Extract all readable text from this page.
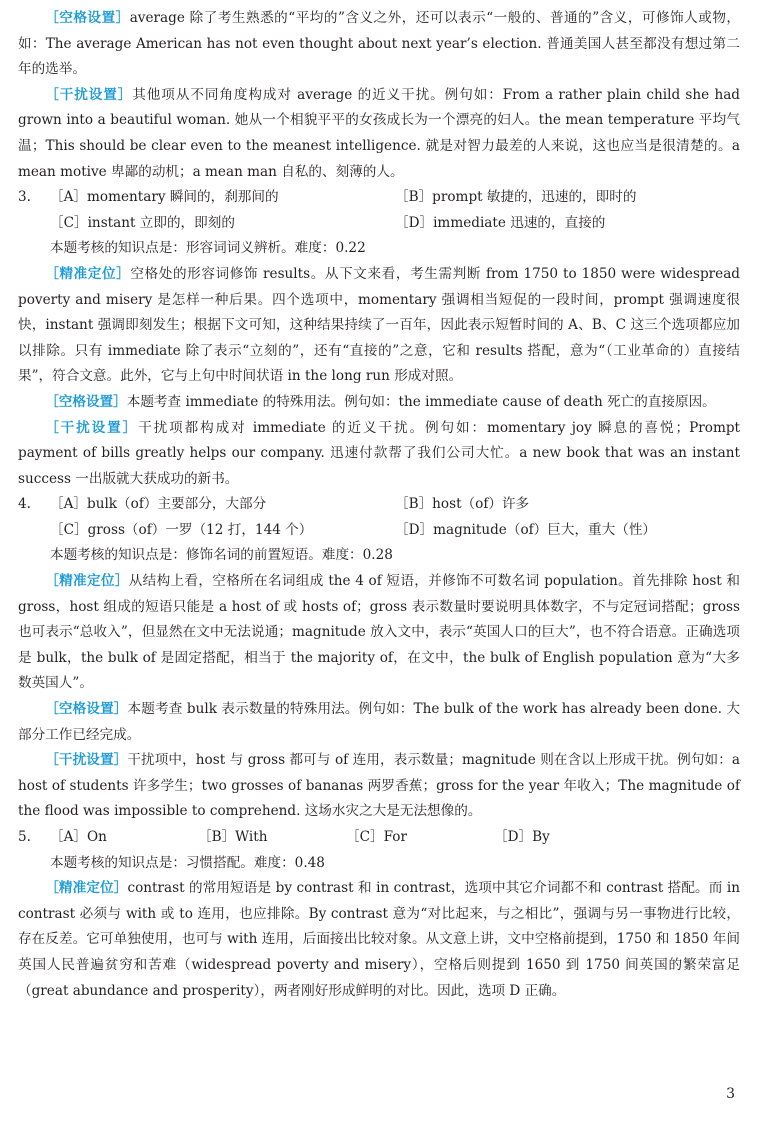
［空格设置］average 除了考生熟悉的“平均的”含义之外，还可以表示“一般的、普通的”含义，可修饰人或物，如：The average American has not even thought about next year’s election. 普通美国人甚至都没有想过第二年的选举。

［干扰设置］其他项从不同角度构成对 average 的近义干扰。例句如：From a rather plain child she had grown into a beautiful woman. 她从一个相貌平平的女孩成长为一个漂亮的妇人。the mean temperature 平均气温；This should be clear even to the meanest intelligence. 就是对智力最差的人来说，这也应当是很清楚的。a mean motive 卑鄙的动机；a mean man 自私的、刻薄的人。

3.	［A］momentary 瞬间的，刹那间的	［B］prompt 敏捷的，迅速的，即时的
［C］instant 立即的，即刻的	［D］immediate 迅速的，直接的

本题考核的知识点是：形容词词义辨析。难度：0.22

［精准定位］空格处的形容词修饰 results。从下文来看，考生需判断 from 1750 to 1850 were widespread poverty and misery 是怎样一种后果。四个选项中，momentary 强调相当短促的一段时间，prompt 强调速度很快，instant 强调即刻发生；根据下文可知，这种结果持续了一百年，因此表示短暂时间的 A、B、C 这三个选项都应加以排除。只有 immediate 除了表示“立刻的”，还有“直接的”之意，它和 results 搭配，意为“（工业革命的）直接结果”，符合文意。此外，它与上句中时间状语 in the long run 形成对照。

［空格设置］本题考查 immediate 的特殊用法。例句如：the immediate cause of death 死亡的直接原因。

［干扰设置］干扰项都构成对 immediate 的近义干扰。例句如：momentary joy 瞬息的喜悦；Prompt payment of bills greatly helps our company. 迅速付款帮了我们公司大忙。a new book that was an instant success 一出版就大获成功的新书。

4.	［A］bulk（of）主要部分，大部分	［B］host（of）许多
［C］gross（of）一罗（12 打，144 个）	［D］magnitude（of）巨大，重大（性）

本题考核的知识点是：修饰名词的前置短语。难度：0.28

［精准定位］从结构上看，空格所在名词组成 the 4 of 短语，并修饰不可数名词 population。首先排除 host 和 gross，host 组成的短语只能是 a host of 或 hosts of；gross 表示数量时要说明具体数字，不与定冠词搭配；gross 也可表示“总收入”，但显然在文中无法说通；magnitude 放入文中，表示“英国人口的巨大”，也不符合语意。正确选项是 bulk，the bulk of 是固定搭配，相当于 the majority of，在文中，the bulk of English population 意为“大多数英国人”。

［空格设置］本题考查 bulk 表示数量的特殊用法。例句如：The bulk of the work has already been done. 大部分工作已经完成。

［干扰设置］干扰项中，host 与 gross 都可与 of 连用，表示数量；magnitude 则在含以上形成干扰。例句如：a host of students 许多学生；two grosses of bananas 两罗香蕉；gross for the year 年收入；The magnitude of the flood was impossible to comprehend. 这场水灾之大是无法想像的。

5.	［A］On	［B］With	［C］For	［D］By

本题考核的知识点是：习惯搭配。难度：0.48

［精准定位］contrast 的常用短语是 by contrast 和 in contrast，选项中其它介词都不和 contrast 搭配。而 in contrast 必须与 with 或 to 连用，也应排除。By contrast 意为“对比起来，与之相比”，强调与另一事物进行比较，存在反差。它可单独使用，也可与 with 连用，后面接出比较对象。从文意上讲，文中空格前提到，1750 和 1850 年间英国人民普遍贫穷和苦难（widespread poverty and misery），空格后则提到 1650 到 1750 间英国的繁荣富足（great abundance and prosperity），两者刚好形成鲜明的对比。因此，选项 D 正确。

3
